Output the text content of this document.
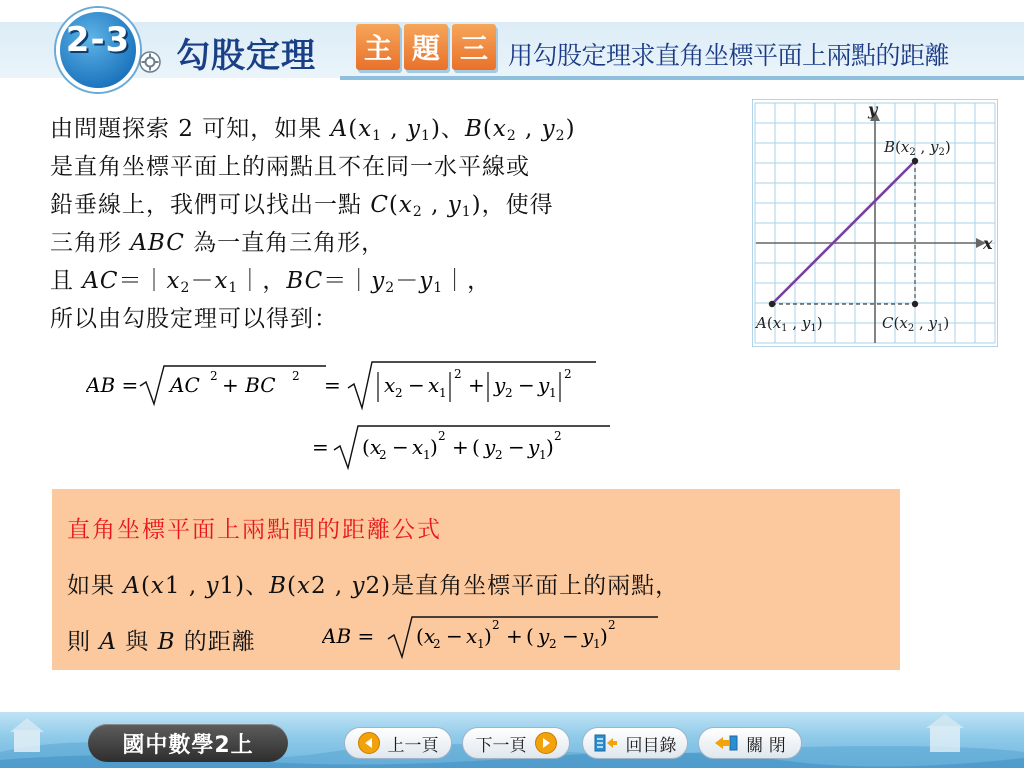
2-3 勾股定理 主 題 三 用勾股定理求直角坐標平面上兩點的距離

由問題探索 2 可知，如果 $A(x_1$ , $y_1$)、$B(x_2$ , $y_2$)

是直角坐標平面上的兩點且不在同一水平線或

鉛垂線上，我們可以找出一點 $C(x_2$ , $y_1$)，使得

三角形 ABC 為一直角三角形，

且 $AC=|x_2-x_1|$，$BC=|y_2-y_1|$，

所以由勾股定理可以得到：

AB = AC 2 + BC 2 = x 2 − x 1
2 + y 2 − y 1
2
= (x
2 − x 1 ) 2 + ( y 2 − y 1 ) 2
x
y
$B(x_2$ , $y_2$)
$A(x_1$ , $y_1$)	$C(x_2$ , $y_1$)
直角坐標平面上兩點間的距離公式
如果 A(x1 , y1)、B(x2 , y2)是直角坐標平面上的兩點，
則 A 與 B 的距離	AB = (x
2 − x 1 ) 2 + ( y 2 − y 1 ) 2
國中數學2上	上一頁 下一頁	回目錄	關 閉
